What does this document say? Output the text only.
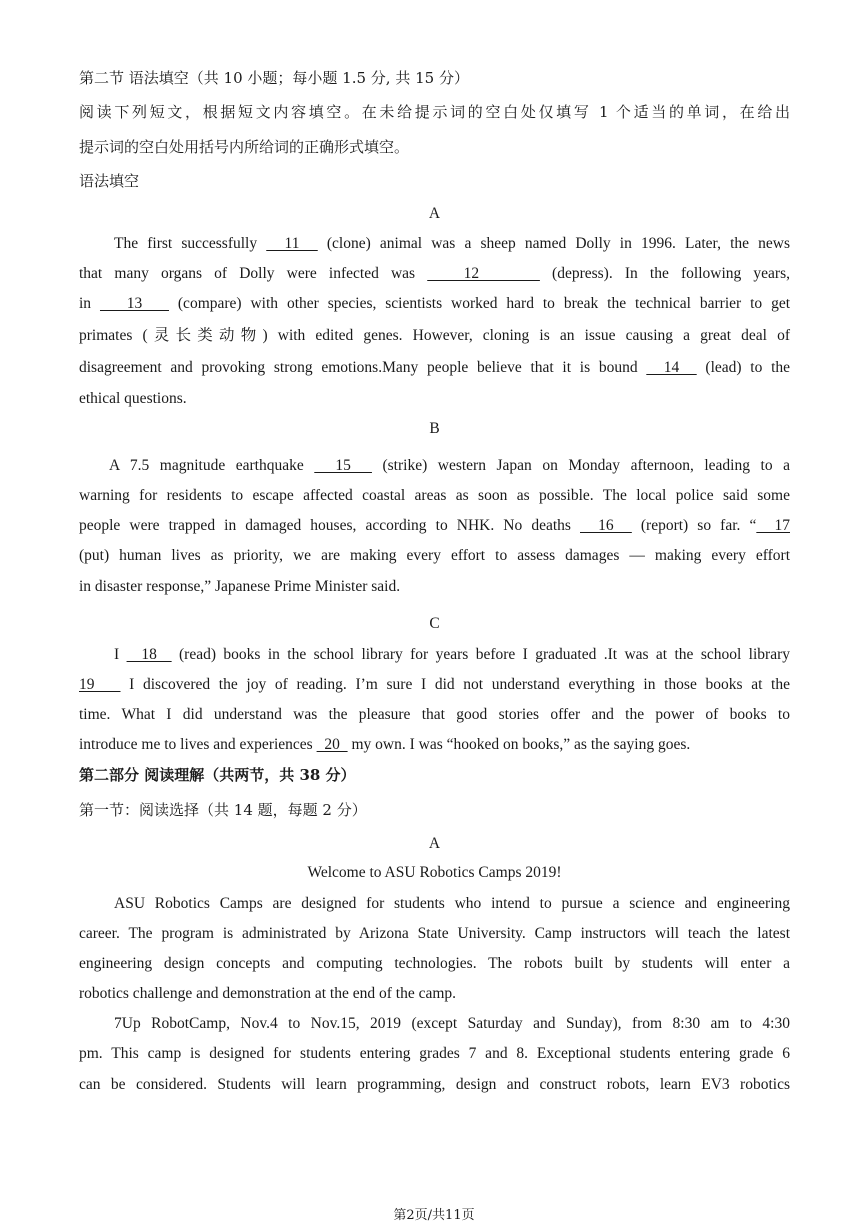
第二节 语法填空（共 10 小题；每小题 1.5 分, 共 15 分）
阅读下列短文，根据短文内容填空。在未给提示词的空白处仅填写 1 个适当的单词，在给出
提示词的空白处用括号内所给词的正确形式填空。
语法填空
A
The first successfully   11   (clone) animal was a sheep named Dolly in 1996. Later, the news
that many organs of Dolly were infected was    12      (depress). In the following years,
in    13    (compare) with other species, scientists worked hard to break the technical barrier to get
primates (灵长类动物) with edited genes. However, cloning is an issue causing a great deal of
disagreement and provoking strong emotions.Many people believe that it is bound   14   (lead) to the
ethical questions.
B
A 7.5 magnitude earthquake   15   (strike) western Japan on Monday afternoon, leading to a
warning for residents to escape affected coastal areas as soon as possible. The local police said some
people were trapped in damaged houses, according to NHK. No deaths   16   (report) so far. “  17
(put) human lives as priority, we are making every effort to assess damages — making every effort
in disaster response,” Japanese Prime Minister said.
C
I   18   (read) books in the school library for years before I graduated .It was at the school library
19    I discovered the joy of reading. I’m sure I did not understand everything in those books at the
time. What I did understand was the pleasure that good stories offer and the power of books to
introduce me to lives and experiences   20   my own. I was “hooked on books,” as the saying goes.
第二部分 阅读理解（共两节，共 38 分）
第一节：阅读选择（共 14 题，每题 2 分）
A
Welcome to ASU Robotics Camps 2019!
ASU Robotics Camps are designed for students who intend to pursue a science and engineering
career. The program is administrated by Arizona State University. Camp instructors will teach the latest
engineering design concepts and computing technologies. The robots built by students will enter a
robotics challenge and demonstration at the end of the camp.
7Up RobotCamp, Nov.4 to Nov.15, 2019 (except Saturday and Sunday), from 8:30 am to 4:30
pm. This camp is designed for students entering grades 7 and 8. Exceptional students entering grade 6
can be considered. Students will learn programming, design and construct robots, learn EV3 robotics
第2页/共11页
